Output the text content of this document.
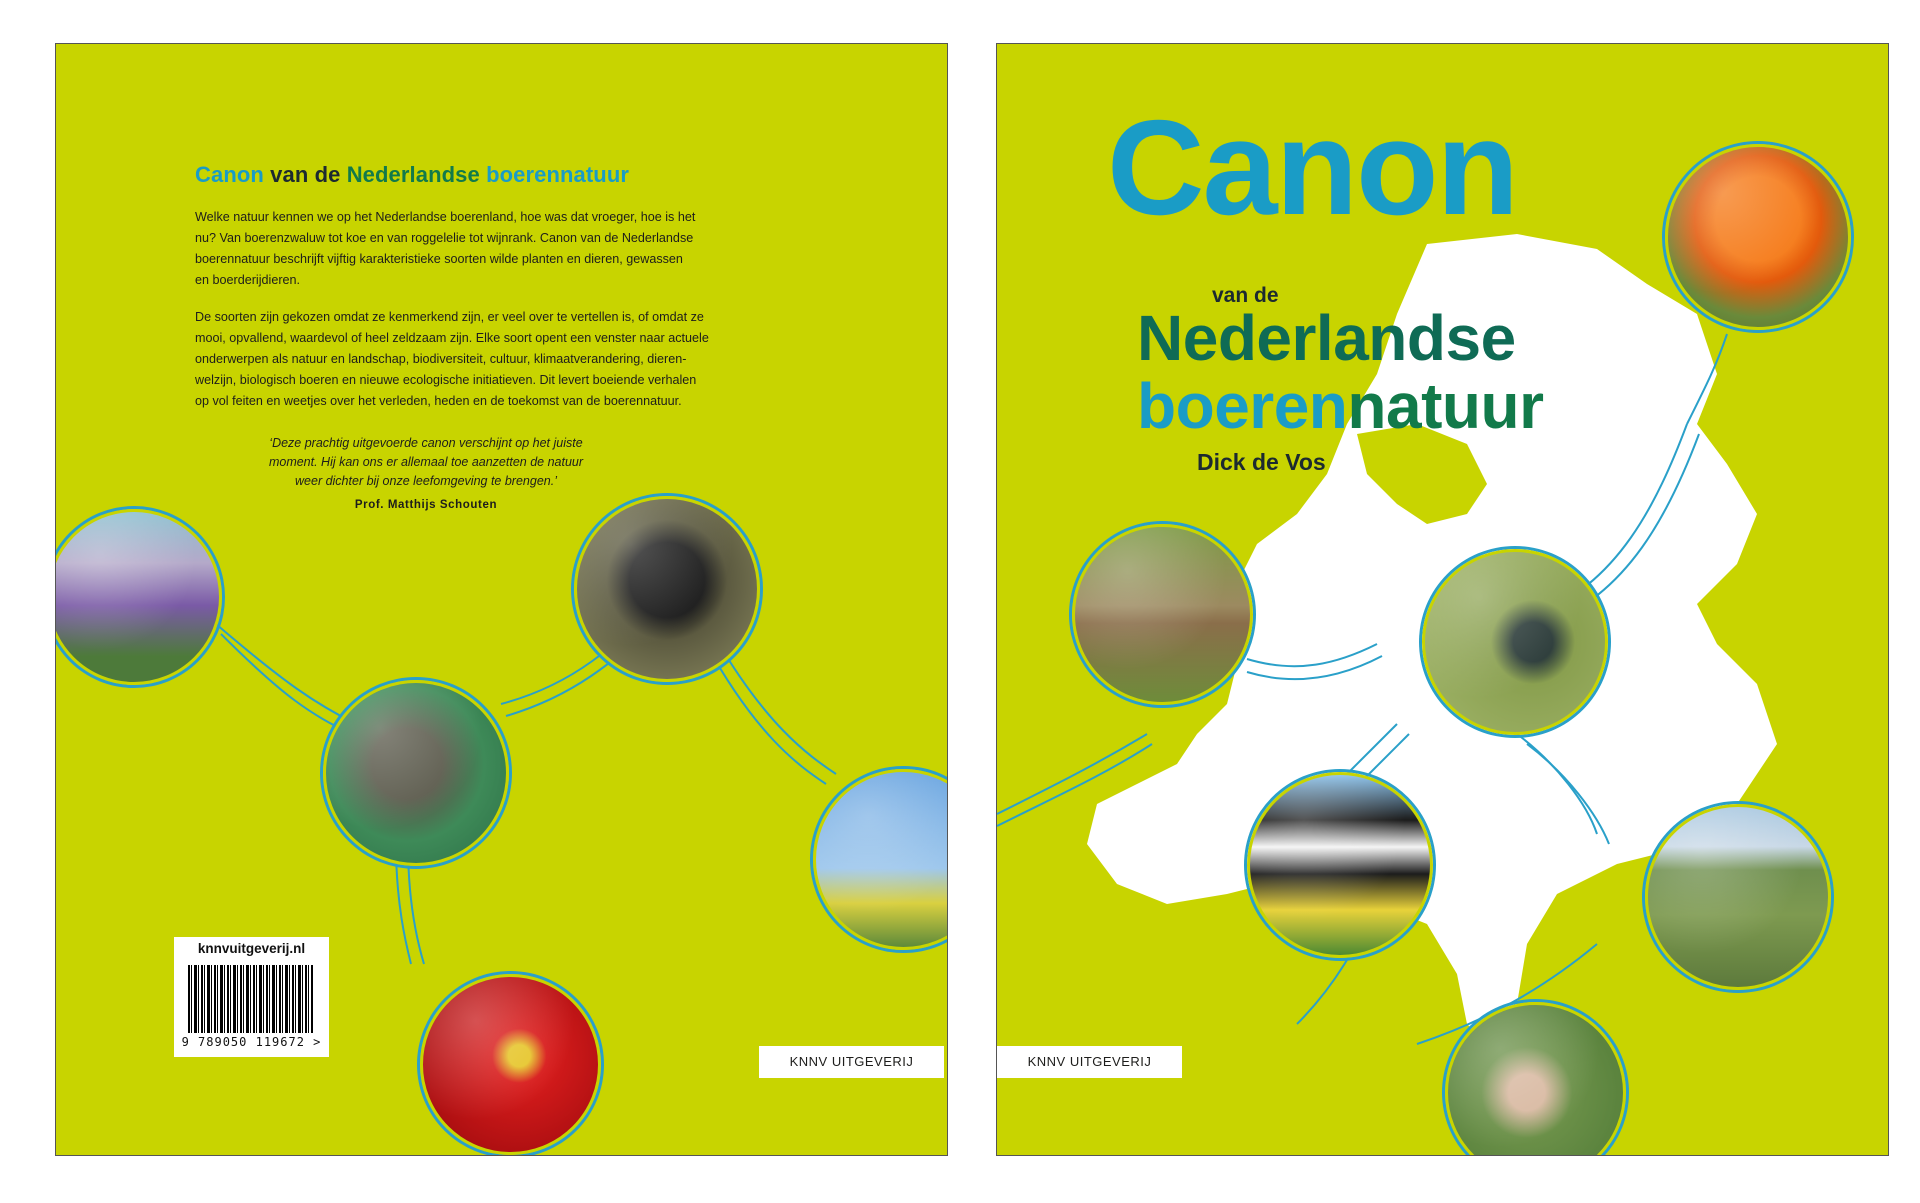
Canon van de Nederlandse boerennatuur
Welke natuur kennen we op het Nederlandse boerenland, hoe was dat vroeger, hoe is het
nu? Van boerenzwaluw tot koe en van roggelelie tot wijnrank. Canon van de Nederlandse
boerennatuur beschrijft vijftig karakteristieke soorten wilde planten en dieren, gewassen
en boerderijdieren.
De soorten zijn gekozen omdat ze kenmerkend zijn, er veel over te vertellen is, of omdat ze
mooi, opvallend, waardevol of heel zeldzaam zijn. Elke soort opent een venster naar actuele
onderwerpen als natuur en landschap, biodiversiteit, cultuur, klimaatverandering, dieren-
welzijn, biologisch boeren en nieuwe ecologische initiatieven. Dit levert boeiende verhalen
op vol feiten en weetjes over het verleden, heden en de toekomst van de boerennatuur.
‘Deze prachtig uitgevoerde canon verschijnt op het juiste
moment. Hij kan ons er allemaal toe aanzetten de natuur
weer dichter bij onze leefomgeving te brengen.’
Prof. Matthijs Schouten
knnvuitgeverij.nl
9 789050 119672 >
KNNV UITGEVERIJ
Canon
van de
Nederlandse
boerennatuur
Dick de Vos
KNNV UITGEVERIJ
